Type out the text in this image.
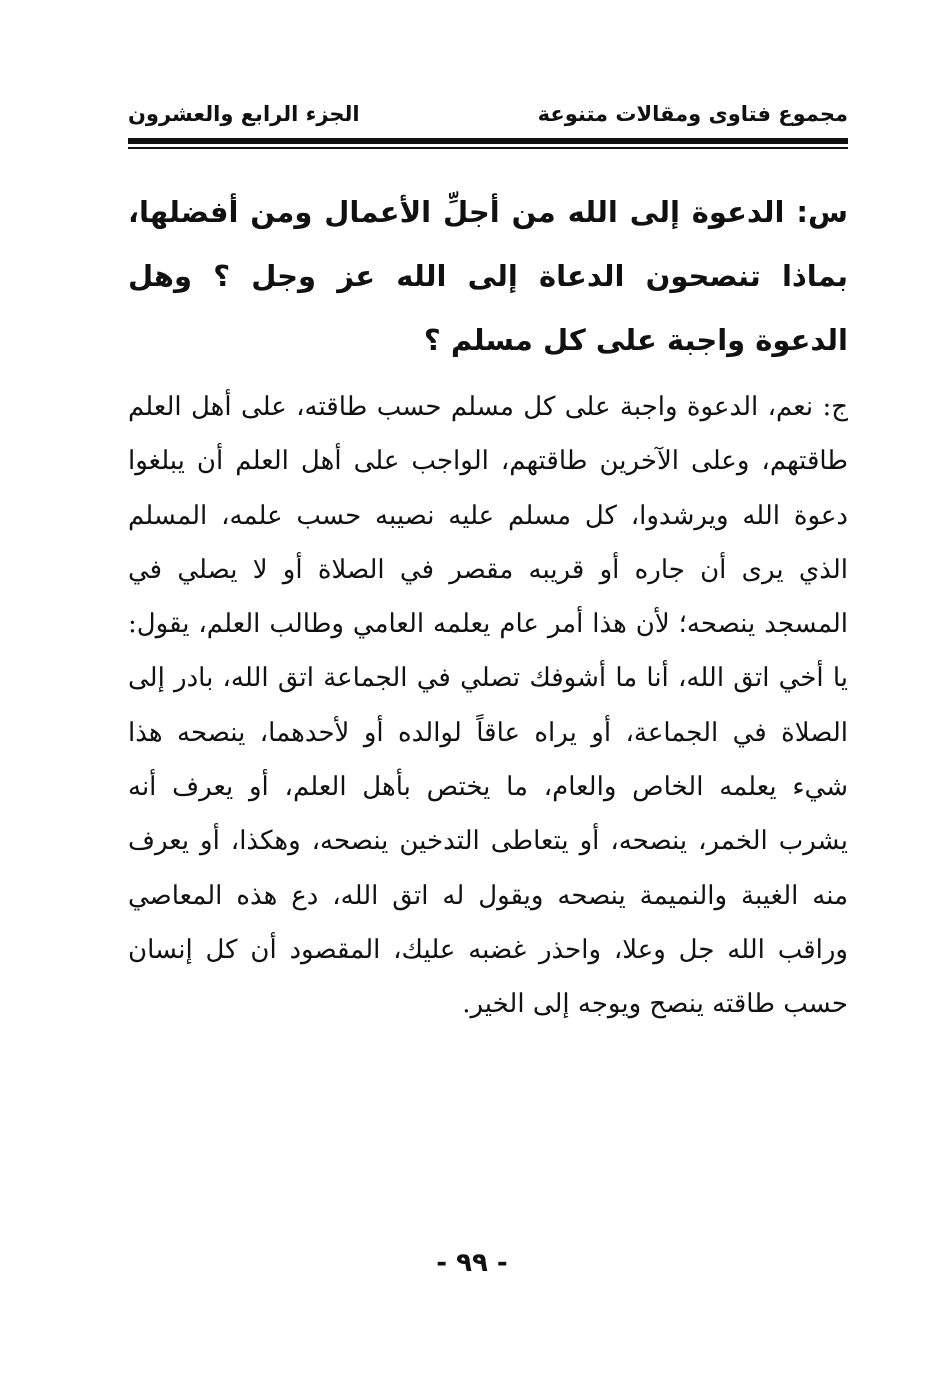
مجموع فتاوى ومقالات متنوعة
الجزء الرابع والعشرون

س: الدعوة إلى الله من أجلِّ الأعمال ومن أفضلها، بماذا تنصحون الدعاة إلى الله عز وجل ؟ وهل الدعوة واجبة على كل مسلم ؟

ج: نعم، الدعوة واجبة على كل مسلم حسب طاقته، على أهل العلم طاقتهم، وعلى الآخرين طاقتهم، الواجب على أهل العلم أن يبلغوا دعوة الله ويرشدوا، كل مسلم عليه نصيبه حسب علمه، المسلم الذي يرى أن جاره أو قريبه مقصر في الصلاة أو لا يصلي في المسجد ينصحه؛ لأن هذا أمر عام يعلمه العامي وطالب العلم، يقول: يا أخي اتق الله، أنا ما أشوفك تصلي في الجماعة اتق الله، بادر إلى الصلاة في الجماعة، أو يراه عاقاً لوالده أو لأحدهما، ينصحه هذا شيء يعلمه الخاص والعام، ما يختص بأهل العلم، أو يعرف أنه يشرب الخمر، ينصحه، أو يتعاطى التدخين ينصحه، وهكذا، أو يعرف منه الغيبة والنميمة ينصحه ويقول له اتق الله، دع هذه المعاصي وراقب الله جل وعلا، واحذر غضبه عليك، المقصود أن كل إنسان حسب طاقته ينصح ويوجه إلى الخير.

- ٩٩ -
